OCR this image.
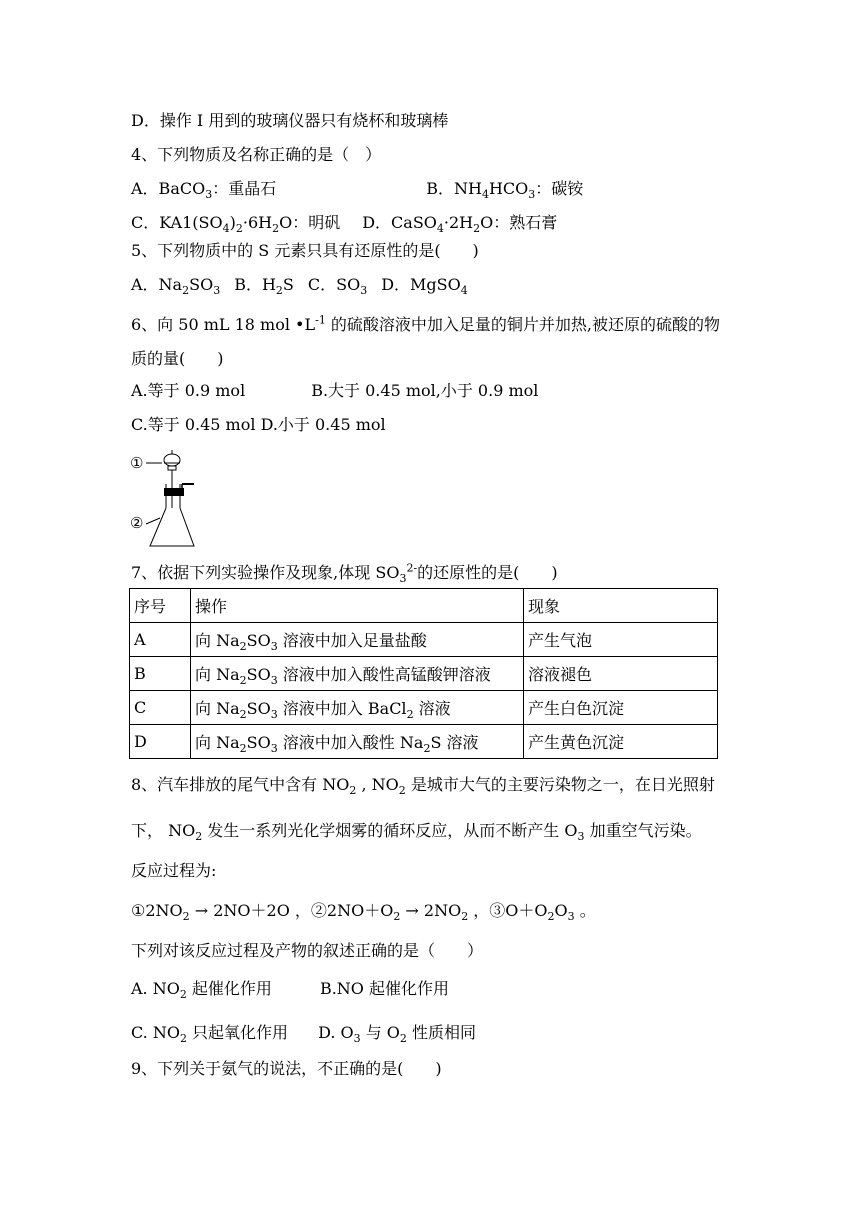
D．操作 I 用到的玻璃仪器只有烧杯和玻璃棒
4、下列物质及名称正确的是（　）
A．BaCO$_3$：重晶石	B．$NH_4HCO_3$：碳铵
C．$KA1(SO_4)_2\cdot 6H_2O$：明矾 D．$CaSO_4\cdot 2H_2O$：熟石膏
5、下列物质中的 S 元素只具有还原性的是(　　)
A．$Na_2SO_3$ B．$H_2S$ C．$SO_3$ D．MgSO$_4$
6、向 50 mL 18 mol $•L^{-1}$ 的硫酸溶液中加入足量的铜片并加热,被还原的硫酸的物
质的量(　　)
A.等于 0.9 mol	B.大于 0.45 mol,小于 0.9 mol
C.等于 0.45 mol D.小于 0.45 mol
①
②
7、依据下列实验操作及现象,体现 $SO_3^{2-}$的还原性的是(　　)
序号	操作	现象
A	向 $Na_2SO_3$ 溶液中加入足量盐酸	产生气泡
B	向 $Na_2SO_3$ 溶液中加入酸性高锰酸钾溶液	溶液褪色
C	向 $Na_2SO_3$ 溶液中加入 BaCl$_2$ 溶液	产生白色沉淀
D	向 $Na_2SO_3$ 溶液中加入酸性 $Na_2S$ 溶液	产生黄色沉淀
8、汽车排放的尾气中含有 $NO_2$ , $NO_2$ 是城市大气的主要污染物之一，在日光照射
下， $NO_2$ 发生一系列光化学烟雾的循环反应，从而不断产生 $O_3$ 加重空气污染。
反应过程为:
$①2NO_2 \to 2NO+2O$ ，$②2NO+O_2 \to 2NO_2$ ，$③O+O_2O_3$ 。
下列对该反应过程及产物的叙述正确的是（　　）
A. $NO_2$ 起催化作用	B.NO 起催化作用
C. $NO_2$ 只起氧化作用 D. $O_3$ 与 $O_2$ 性质相同
9、下列关于氨气的说法，不正确的是(　　)
